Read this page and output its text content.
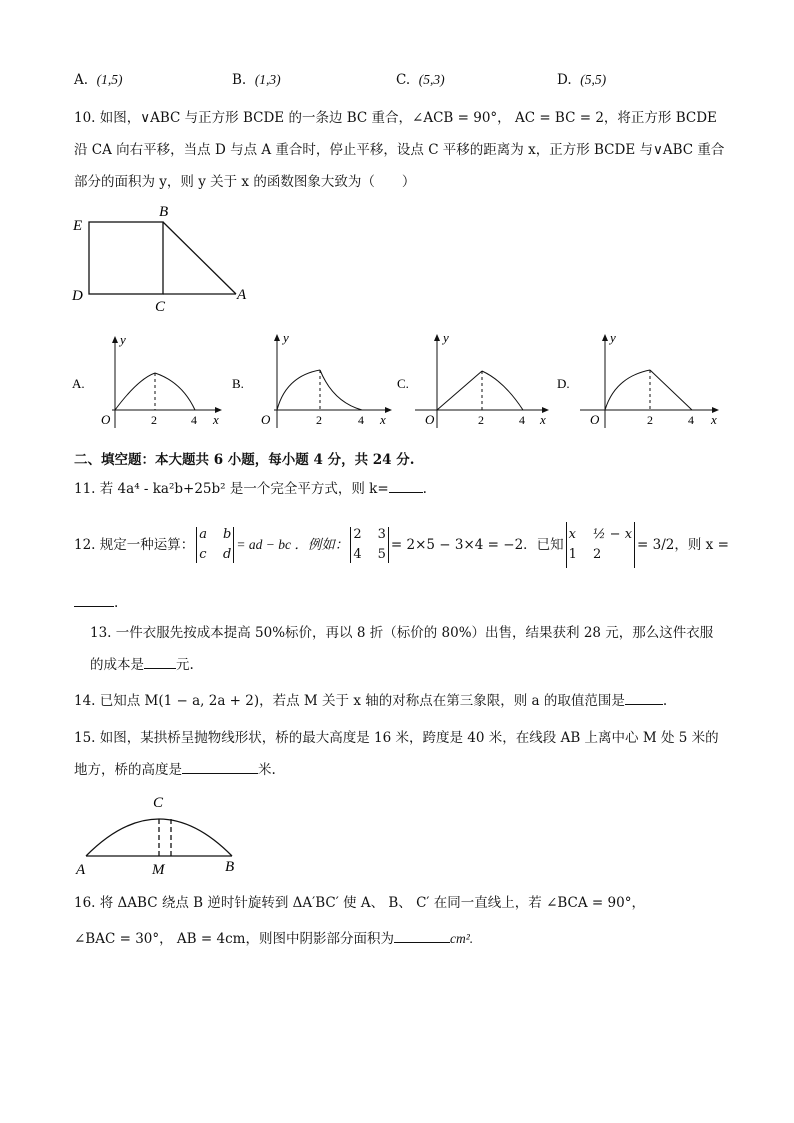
A. (1,5)	B. (1,3)	C. (5,3)	D. (5,5)
10. 如图，∨ABC 与正方形 BCDE 的一条边 BC 重合，∠ACB = 90°， AC = BC = 2，将正方形 BCDE
沿 CA 向右平移，当点 D 与点 A 重合时，停止平移，设点 C 平移的距离为 x，正方形 BCDE 与∨ABC 重合
部分的面积为 y，则 y 关于 x 的函数图象大致为（　　）
E
B
D
C
A
A.
y
O	2	4 x
B.
y
O	2	4 x
C.
y
O	2	4 x
D.
y
O	2	4 x
二、填空题：本大题共 6 小题，每小题 4 分，共 24 分.
11. 若 4a⁴ - ka²b+25b² 是一个完全平方式，则 k=	.
12. 规定一种运算：
a b
c d
= ad − bc ．例如：
2 3
4 5
= 2×5 − 3×4 = −2．已知
x ½ − x
1 2
= 3/2，则 x =
.
13. 一件衣服先按成本提高 50%标价，再以 8 折（标价的 80%）出售，结果获利 28 元，那么这件衣服
的成本是 元.
14. 已知点 M(1 − a, 2a + 2)，若点 M 关于 x 轴的对称点在第三象限，则 a 的取值范围是	.
15. 如图，某拱桥呈抛物线形状，桥的最大高度是 16 米，跨度是 40 米，在线段 AB 上离中心 M 处 5 米的
地方，桥的高度是	米.
C
A	M	B
16. 将 ΔABC 绕点 B 逆时针旋转到 ΔA′BC′ 使 A、 B、 C′ 在同一直线上，若 ∠BCA = 90°，
∠BAC = 30°， AB = 4cm，则图中阴影部分面积为	cm².
